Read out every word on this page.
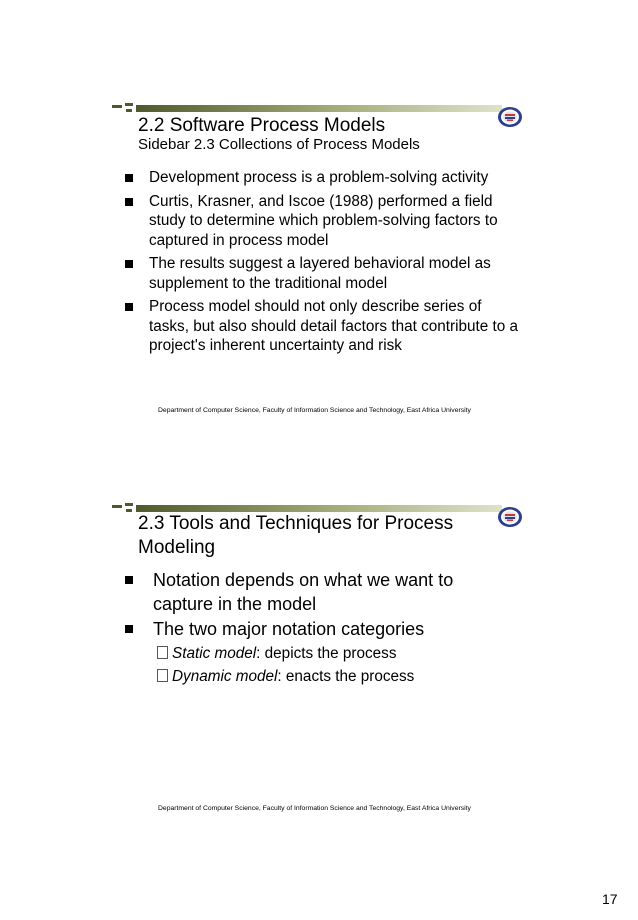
2.2 Software Process Models
Sidebar 2.3 Collections of Process Models
Development process is a problem-solving activity
Curtis, Krasner, and Iscoe (1988) performed a field study to determine which problem-solving factors to captured in process model
The results suggest a layered behavioral model as supplement to the traditional model
Process model should not only describe series of tasks, but also should detail factors that contribute to a project's inherent uncertainty and risk
Department of Computer Science, Faculty of Information Science and Technology, East Africa University
2.3 Tools and Techniques for Process Modeling
Notation depends on what we want to capture in the model
The two major notation categories
Static model: depicts the process
Dynamic model: enacts the process
Department of Computer Science, Faculty of Information Science and Technology, East Africa University
17
